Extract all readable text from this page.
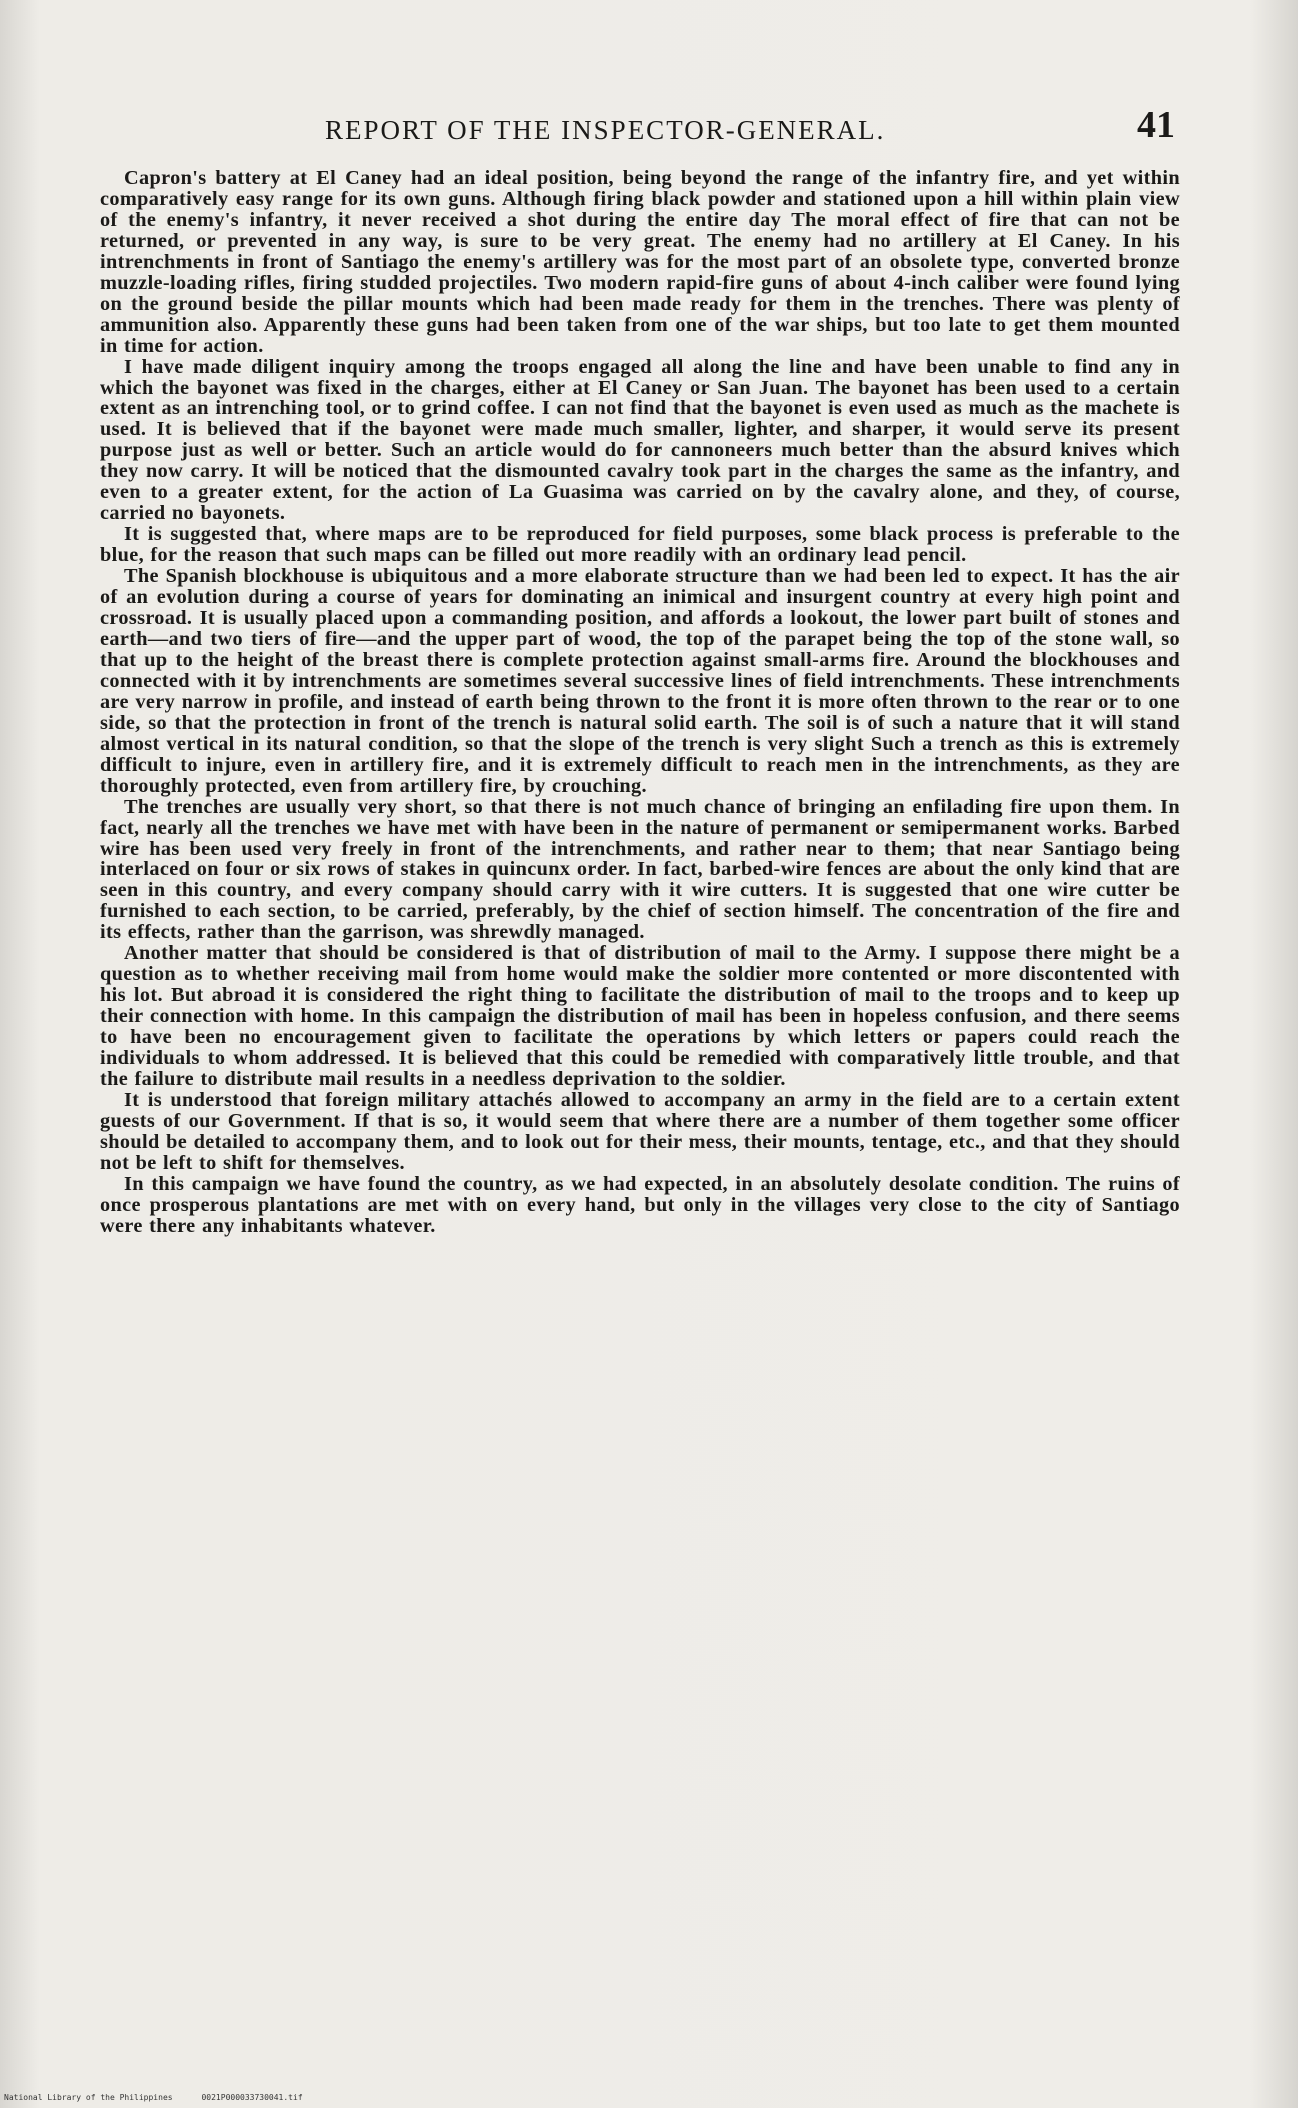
REPORT OF THE INSPECTOR-GENERAL.	41

Capron's battery at El Caney had an ideal position, being beyond the range of the infantry fire, and yet within comparatively easy range for its own guns. Although firing black powder and stationed upon a hill within plain view of the enemy's infantry, it never received a shot during the entire day The moral effect of fire that can not be returned, or prevented in any way, is sure to be very great. The enemy had no artillery at El Caney. In his intrenchments in front of Santiago the enemy's artillery was for the most part of an obsolete type, converted bronze muzzle-loading rifles, firing studded projectiles. Two modern rapid-fire guns of about 4-inch caliber were found lying on the ground beside the pillar mounts which had been made ready for them in the trenches. There was plenty of ammunition also. Apparently these guns had been taken from one of the war ships, but too late to get them mounted in time for action.

I have made diligent inquiry among the troops engaged all along the line and have been unable to find any in which the bayonet was fixed in the charges, either at El Caney or San Juan. The bayonet has been used to a certain extent as an intrenching tool, or to grind coffee. I can not find that the bayonet is even used as much as the machete is used. It is believed that if the bayonet were made much smaller, lighter, and sharper, it would serve its present purpose just as well or better. Such an article would do for cannoneers much better than the absurd knives which they now carry. It will be noticed that the dismounted cavalry took part in the charges the same as the infantry, and even to a greater extent, for the action of La Guasima was carried on by the cavalry alone, and they, of course, carried no bayonets.

It is suggested that, where maps are to be reproduced for field purposes, some black process is preferable to the blue, for the reason that such maps can be filled out more readily with an ordinary lead pencil.

The Spanish blockhouse is ubiquitous and a more elaborate structure than we had been led to expect. It has the air of an evolution during a course of years for dominating an inimical and insurgent country at every high point and crossroad. It is usually placed upon a commanding position, and affords a lookout, the lower part built of stones and earth—and two tiers of fire—and the upper part of wood, the top of the parapet being the top of the stone wall, so that up to the height of the breast there is complete protection against small-arms fire. Around the blockhouses and connected with it by intrenchments are sometimes several successive lines of field intrenchments. These intrenchments are very narrow in profile, and instead of earth being thrown to the front it is more often thrown to the rear or to one side, so that the protection in front of the trench is natural solid earth. The soil is of such a nature that it will stand almost vertical in its natural condition, so that the slope of the trench is very slight Such a trench as this is extremely difficult to injure, even in artillery fire, and it is extremely difficult to reach men in the intrenchments, as they are thoroughly protected, even from artillery fire, by crouching.

The trenches are usually very short, so that there is not much chance of bringing an enfilading fire upon them. In fact, nearly all the trenches we have met with have been in the nature of permanent or semipermanent works. Barbed wire has been used very freely in front of the intrenchments, and rather near to them; that near Santiago being interlaced on four or six rows of stakes in quincunx order. In fact, barbed-wire fences are about the only kind that are seen in this country, and every company should carry with it wire cutters. It is suggested that one wire cutter be furnished to each section, to be carried, preferably, by the chief of section himself. The concentration of the fire and its effects, rather than the garrison, was shrewdly managed.

Another matter that should be considered is that of distribution of mail to the Army. I suppose there might be a question as to whether receiving mail from home would make the soldier more contented or more discontented with his lot. But abroad it is considered the right thing to facilitate the distribution of mail to the troops and to keep up their connection with home. In this campaign the distribution of mail has been in hopeless confusion, and there seems to have been no encouragement given to facilitate the operations by which letters or papers could reach the individuals to whom addressed. It is believed that this could be remedied with comparatively little trouble, and that the failure to distribute mail results in a needless deprivation to the soldier.

It is understood that foreign military attachés allowed to accompany an army in the field are to a certain extent guests of our Government. If that is so, it would seem that where there are a number of them together some officer should be detailed to accompany them, and to look out for their mess, their mounts, tentage, etc., and that they should not be left to shift for themselves.

In this campaign we have found the country, as we had expected, in an absolutely desolate condition. The ruins of once prosperous plantations are met with on every hand, but only in the villages very close to the city of Santiago were there any inhabitants whatever.

National Library of the Philippines	0021P000033730041.tif
